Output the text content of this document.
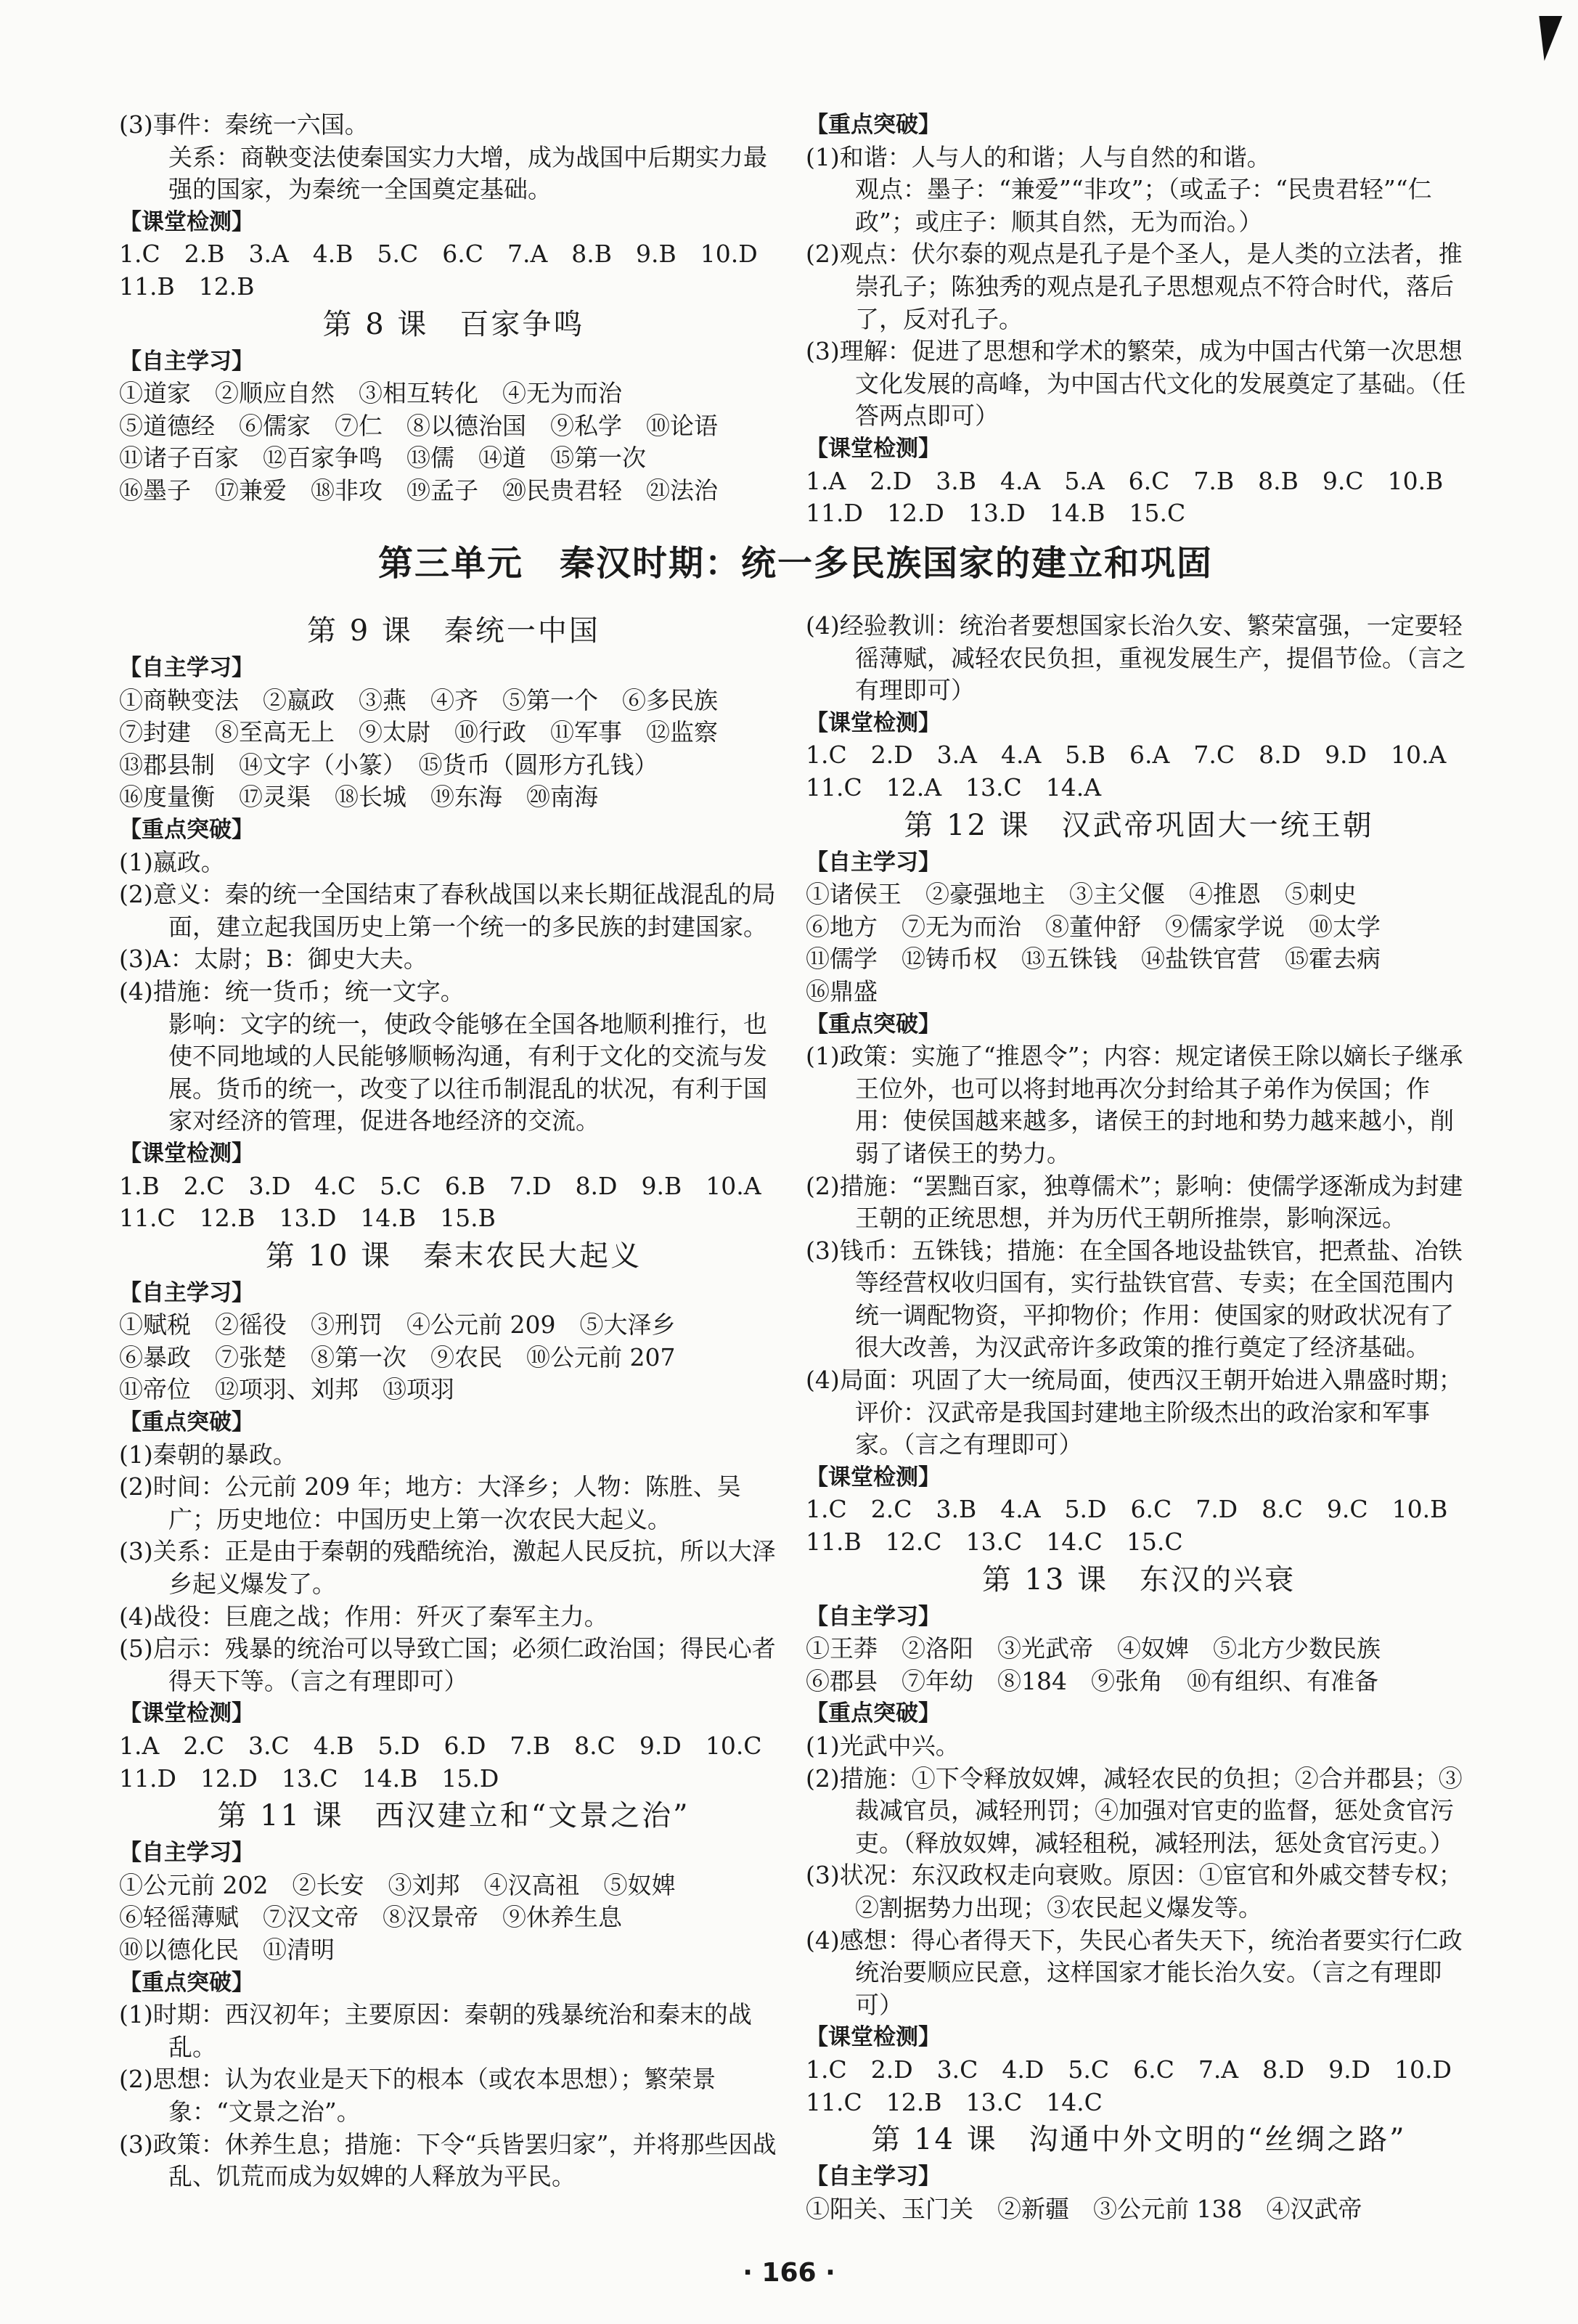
(3)事件：秦统一六国。
关系：商鞅变法使秦国实力大增，成为战国中后期实力最强的国家，为秦统一全国奠定基础。
【课堂检测】
1.C　2.B　3.A　4.B　5.C　6.C　7.A　8.B　9.B　10.D
11.B　12.B
第 8 课　百家争鸣
【自主学习】
①道家　②顺应自然　③相互转化　④无为而治
⑤道德经　⑥儒家　⑦仁　⑧以德治国　⑨私学　⑩论语
⑪诸子百家　⑫百家争鸣　⑬儒　⑭道　⑮第一次
⑯墨子　⑰兼爱　⑱非攻　⑲孟子　⑳民贵君轻　㉑法治
【重点突破】
(1)和谐：人与人的和谐；人与自然的和谐。
观点：墨子：“兼爱”“非攻”；（或孟子：“民贵君轻”“仁政”；或庄子：顺其自然，无为而治。）
(2)观点：伏尔泰的观点是孔子是个圣人，是人类的立法者，推崇孔子；陈独秀的观点是孔子思想观点不符合时代，落后了，反对孔子。
(3)理解：促进了思想和学术的繁荣，成为中国古代第一次思想文化发展的高峰，为中国古代文化的发展奠定了基础。（任答两点即可）
【课堂检测】
1.A　2.D　3.B　4.A　5.A　6.C　7.B　8.B　9.C　10.B
11.D　12.D　13.D　14.B　15.C
第三单元　秦汉时期：统一多民族国家的建立和巩固
第 9 课　秦统一中国
【自主学习】
①商鞅变法　②嬴政　③燕　④齐　⑤第一个　⑥多民族
⑦封建　⑧至高无上　⑨太尉　⑩行政　⑪军事　⑫监察
⑬郡县制　⑭文字（小篆）　⑮货币（圆形方孔钱）
⑯度量衡　⑰灵渠　⑱长城　⑲东海　⑳南海
【重点突破】
(1)嬴政。
(2)意义：秦的统一全国结束了春秋战国以来长期征战混乱的局面，建立起我国历史上第一个统一的多民族的封建国家。
(3)A：太尉；B：御史大夫。
(4)措施：统一货币；统一文字。
影响：文字的统一，使政令能够在全国各地顺利推行，也使不同地域的人民能够顺畅沟通，有利于文化的交流与发展。货币的统一，改变了以往币制混乱的状况，有利于国家对经济的管理，促进各地经济的交流。
【课堂检测】
1.B　2.C　3.D　4.C　5.C　6.B　7.D　8.D　9.B　10.A
11.C　12.B　13.D　14.B　15.B
第 10 课　秦末农民大起义
【自主学习】
①赋税　②徭役　③刑罚　④公元前 209　⑤大泽乡
⑥暴政　⑦张楚　⑧第一次　⑨农民　⑩公元前 207
⑪帝位　⑫项羽、刘邦　⑬项羽
【重点突破】
(1)秦朝的暴政。
(2)时间：公元前 209 年；地方：大泽乡；人物：陈胜、吴广；历史地位：中国历史上第一次农民大起义。
(3)关系：正是由于秦朝的残酷统治，激起人民反抗，所以大泽乡起义爆发了。
(4)战役：巨鹿之战；作用：歼灭了秦军主力。
(5)启示：残暴的统治可以导致亡国；必须仁政治国；得民心者得天下等。（言之有理即可）
【课堂检测】
1.A　2.C　3.C　4.B　5.D　6.D　7.B　8.C　9.D　10.C
11.D　12.D　13.C　14.B　15.D
第 11 课　西汉建立和“文景之治”
【自主学习】
①公元前 202　②长安　③刘邦　④汉高祖　⑤奴婢
⑥轻徭薄赋　⑦汉文帝　⑧汉景帝　⑨休养生息
⑩以德化民　⑪清明
【重点突破】
(1)时期：西汉初年；主要原因：秦朝的残暴统治和秦末的战乱。
(2)思想：认为农业是天下的根本（或农本思想）；繁荣景象：“文景之治”。
(3)政策：休养生息；措施：下令“兵皆罢归家”，并将那些因战乱、饥荒而成为奴婢的人释放为平民。
(4)经验教训：统治者要想国家长治久安、繁荣富强，一定要轻徭薄赋，减轻农民负担，重视发展生产，提倡节俭。（言之有理即可）
【课堂检测】
1.C　2.D　3.A　4.A　5.B　6.A　7.C　8.D　9.D　10.A
11.C　12.A　13.C　14.A
第 12 课　汉武帝巩固大一统王朝
【自主学习】
①诸侯王　②豪强地主　③主父偃　④推恩　⑤刺史
⑥地方　⑦无为而治　⑧董仲舒　⑨儒家学说　⑩太学
⑪儒学　⑫铸币权　⑬五铢钱　⑭盐铁官营　⑮霍去病
⑯鼎盛
【重点突破】
(1)政策：实施了“推恩令”；内容：规定诸侯王除以嫡长子继承王位外，也可以将封地再次分封给其子弟作为侯国；作用：使侯国越来越多，诸侯王的封地和势力越来越小，削弱了诸侯王的势力。
(2)措施：“罢黜百家，独尊儒术”；影响：使儒学逐渐成为封建王朝的正统思想，并为历代王朝所推崇，影响深远。
(3)钱币：五铢钱；措施：在全国各地设盐铁官，把煮盐、冶铁等经营权收归国有，实行盐铁官营、专卖；在全国范围内统一调配物资，平抑物价；作用：使国家的财政状况有了很大改善，为汉武帝许多政策的推行奠定了经济基础。
(4)局面：巩固了大一统局面，使西汉王朝开始进入鼎盛时期；评价：汉武帝是我国封建地主阶级杰出的政治家和军事家。（言之有理即可）
【课堂检测】
1.C　2.C　3.B　4.A　5.D　6.C　7.D　8.C　9.C　10.B
11.B　12.C　13.C　14.C　15.C
第 13 课　东汉的兴衰
【自主学习】
①王莽　②洛阳　③光武帝　④奴婢　⑤北方少数民族
⑥郡县　⑦年幼　⑧184　⑨张角　⑩有组织、有准备
【重点突破】
(1)光武中兴。
(2)措施：①下令释放奴婢，减轻农民的负担；②合并郡县；③裁减官员，减轻刑罚；④加强对官吏的监督，惩处贪官污吏。（释放奴婢，减轻租税，减轻刑法，惩处贪官污吏。）
(3)状况：东汉政权走向衰败。原因：①宦官和外戚交替专权；②割据势力出现；③农民起义爆发等。
(4)感想：得心者得天下，失民心者失天下，统治者要实行仁政统治要顺应民意，这样国家才能长治久安。（言之有理即可）
【课堂检测】
1.C　2.D　3.C　4.D　5.C　6.C　7.A　8.D　9.D　10.D
11.C　12.B　13.C　14.C
第 14 课　沟通中外文明的“丝绸之路”
【自主学习】
①阳关、玉门关　②新疆　③公元前 138　④汉武帝
· 166 ·
